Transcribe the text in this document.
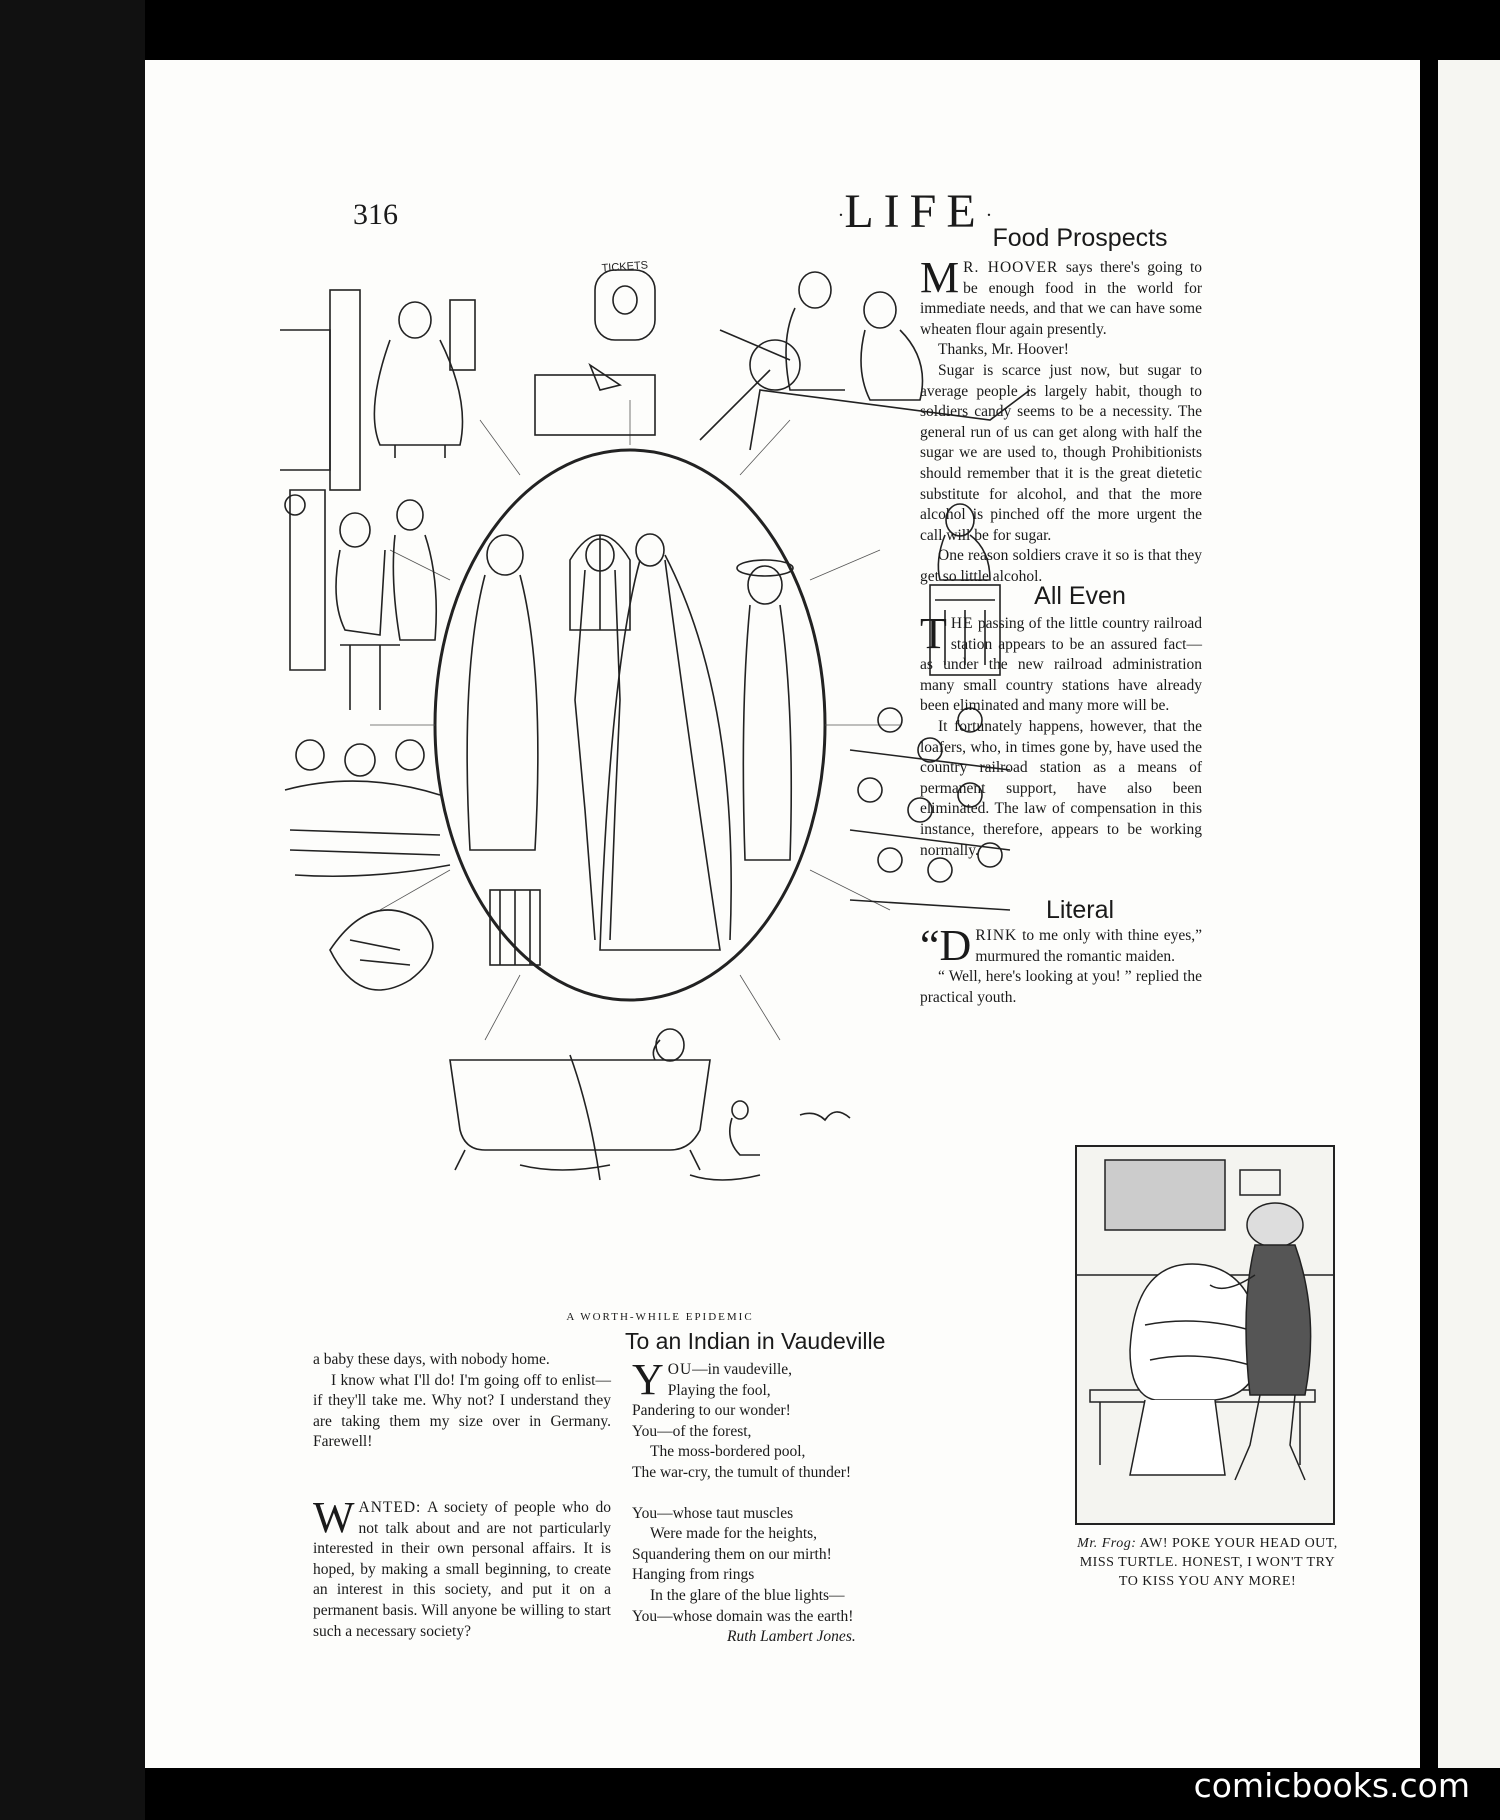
316	·LIFE·
TICKETS
A WORTH-WHILE EPIDEMIC
Food Prospects

M R. HOOVER says there's going to be enough food in the world for immediate needs, and that we can have some wheaten flour again presently.

Thanks, Mr. Hoover!

Sugar is scarce just now, but sugar to average people is largely habit, though to soldiers candy seems to be a necessity. The general run of us can get along with half the sugar we are used to, though Prohibitionists should remember that it is the great dietetic substitute for alcohol, and that the more alcohol is pinched off the more urgent the call will be for sugar.

One reason soldiers crave it so is that they get so little alcohol.

All Even

THE passing of the little country railroad station appears to be an assured fact—as under the new railroad administration many small country stations have already been eliminated and many more will be.

It fortunately happens, however, that the loafers, who, in times gone by, have used the country railroad station as a means of permanent support, have also been eliminated. The law of compensation in this instance, therefore, appears to be working normally.

Literal

“D RINK to me only with thine eyes,” murmured the romantic maiden.

“ Well, here's looking at you! ” replied the practical youth.

Mr. Frog: AW! POKE YOUR HEAD OUT, MISS TURTLE. HONEST, I WON'T TRY TO KISS YOU ANY MORE!

a baby these days, with nobody home.

I know what I'll do! I'm going off to enlist—if they'll take me. Why not? I understand they are taking them my size over in Germany. Farewell!

WANTED: A society of people who do not talk about and are not particularly interested in their own personal affairs. It is hoped, by making a small beginning, to create an interest in this society, and put it on a permanent basis. Will anyone be willing to start such a necessary society?

To an Indian in Vaudeville
YOU—in vaudeville,
Playing the fool,
Pandering to our wonder!
You—of the forest,
The moss-bordered pool,
The war-cry, the tumult of thunder!
You—whose taut muscles
Were made for the heights,
Squandering them on our mirth!
Hanging from rings
In the glare of the blue lights—
You—whose domain was the earth!
Ruth Lambert Jones.
comicbooks.com
